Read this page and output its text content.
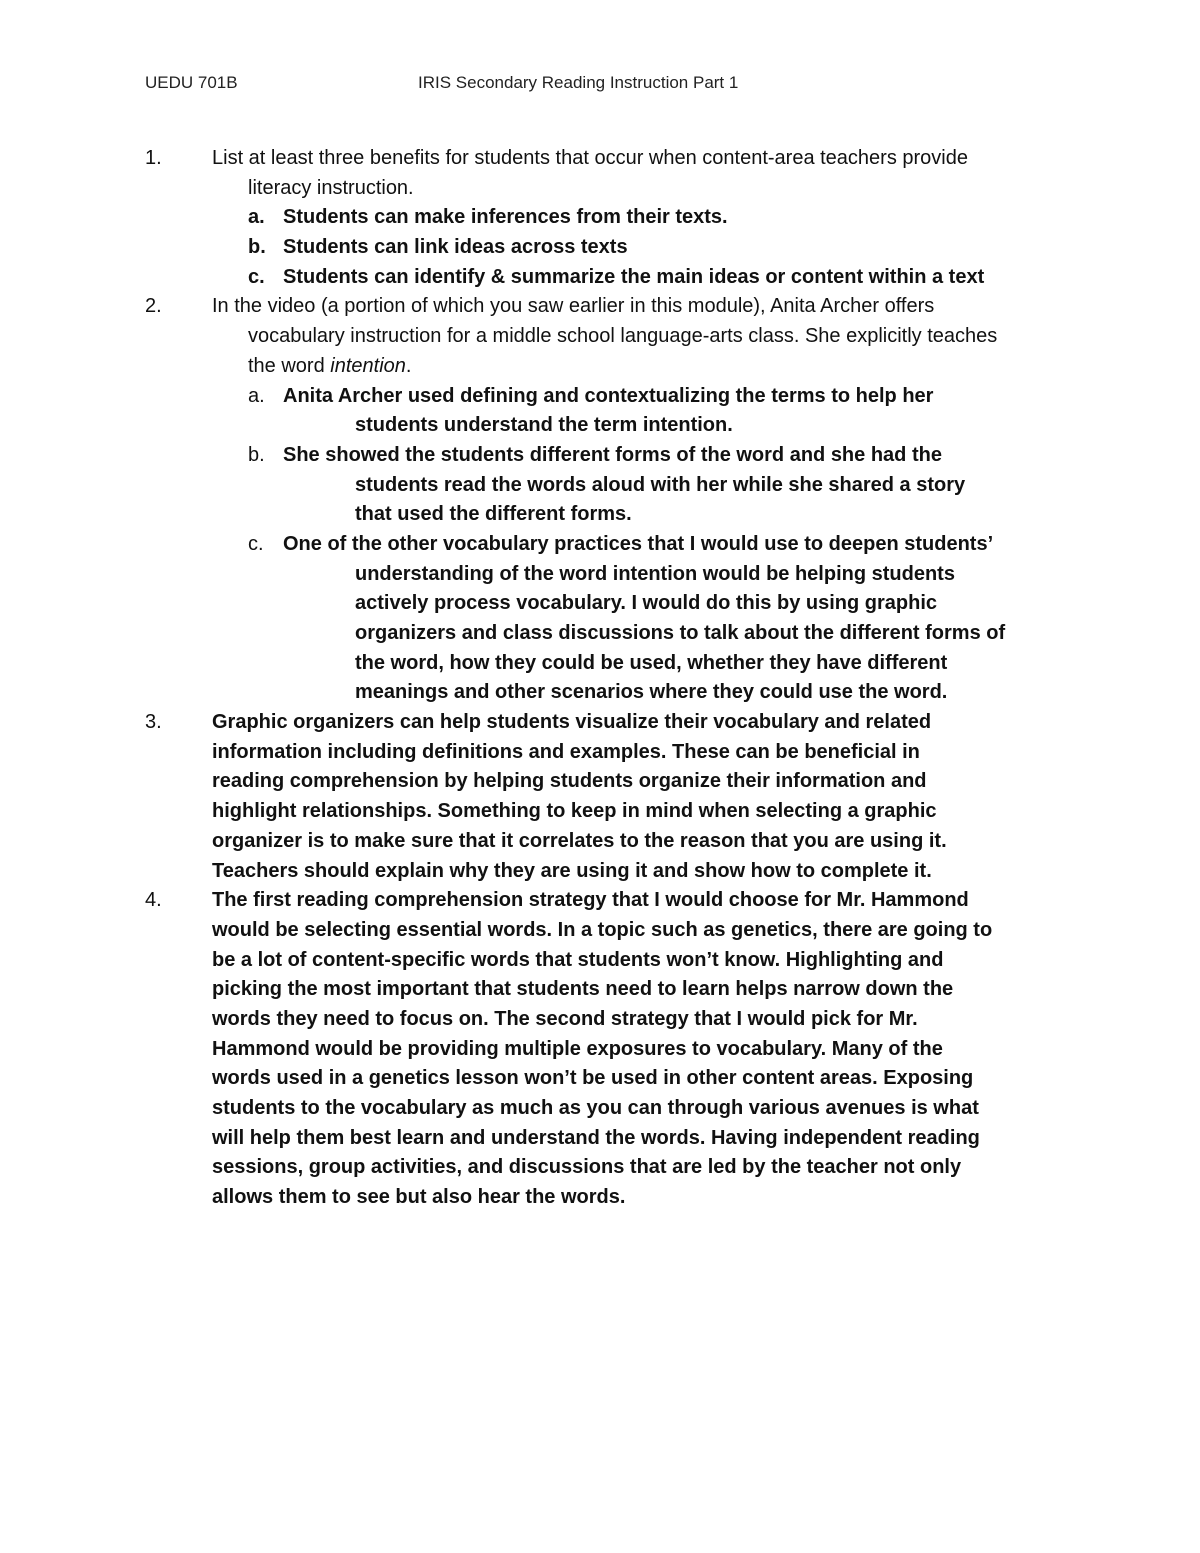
UEDU 701B	IRIS Secondary Reading Instruction Part 1
1.	List at least three benefits for students that occur when content-area teachers provide
literacy instruction.
a. Students can make inferences from their texts.
b. Students can link ideas across texts
c. Students can identify & summarize the main ideas or content within a text
2.	In the video (a portion of which you saw earlier in this module), Anita Archer offers
vocabulary instruction for a middle school language-arts class. She explicitly teaches
the word intention.
a. Anita Archer used defining and contextualizing the terms to help her
students understand the term intention.
b. She showed the students different forms of the word and she had the
students read the words aloud with her while she shared a story
that used the different forms.
c. One of the other vocabulary practices that I would use to deepen students’
understanding of the word intention would be helping students
actively process vocabulary. I would do this by using graphic
organizers and class discussions to talk about the different forms of
the word, how they could be used, whether they have different
meanings and other scenarios where they could use the word.
3.	Graphic organizers can help students visualize their vocabulary and related
information including definitions and examples. These can be beneficial in
reading comprehension by helping students organize their information and
highlight relationships. Something to keep in mind when selecting a graphic
organizer is to make sure that it correlates to the reason that you are using it.
Teachers should explain why they are using it and show how to complete it.
4.	The first reading comprehension strategy that I would choose for Mr. Hammond
would be selecting essential words. In a topic such as genetics, there are going to
be a lot of content-specific words that students won’t know. Highlighting and
picking the most important that students need to learn helps narrow down the
words they need to focus on. The second strategy that I would pick for Mr.
Hammond would be providing multiple exposures to vocabulary. Many of the
words used in a genetics lesson won’t be used in other content areas. Exposing
students to the vocabulary as much as you can through various avenues is what
will help them best learn and understand the words. Having independent reading
sessions, group activities, and discussions that are led by the teacher not only
allows them to see but also hear the words.
